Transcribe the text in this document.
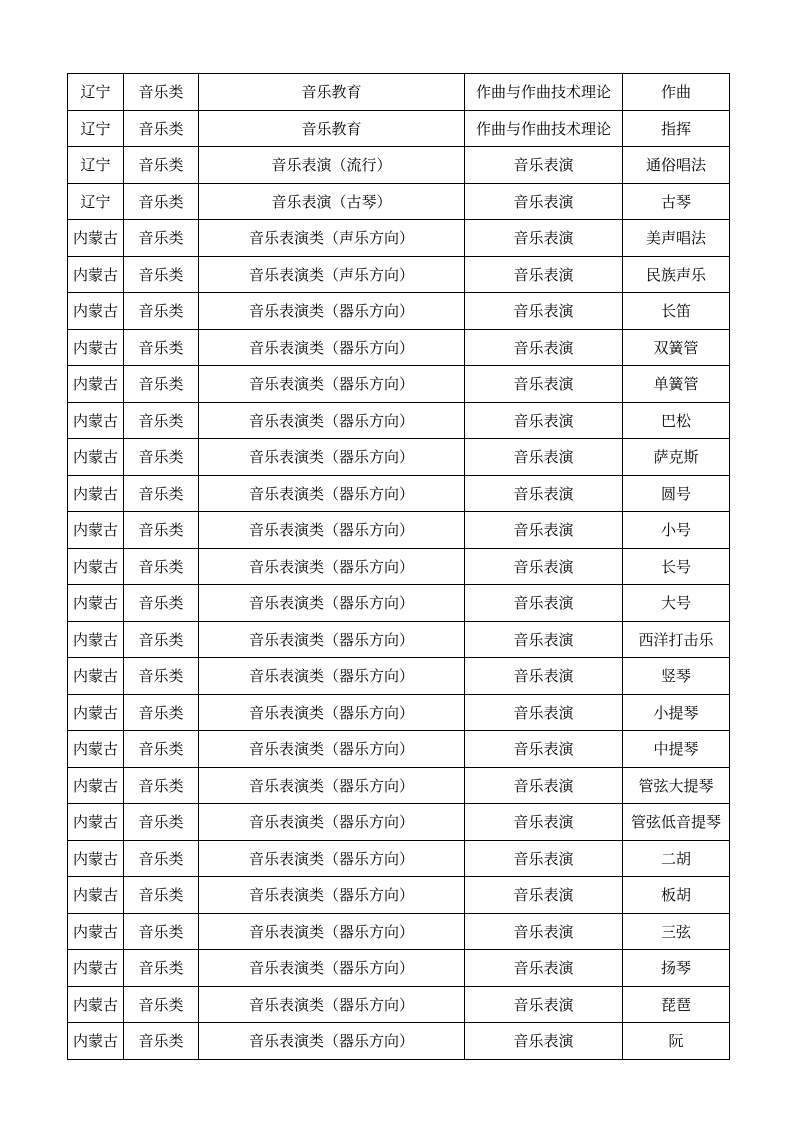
辽宁	音乐类	音乐教育	作曲与作曲技术理论	作曲
辽宁	音乐类	音乐教育	作曲与作曲技术理论	指挥
辽宁	音乐类	音乐表演（流行）	音乐表演	通俗唱法
辽宁	音乐类	音乐表演（古琴）	音乐表演	古琴
内蒙古	音乐类	音乐表演类（声乐方向）	音乐表演	美声唱法
内蒙古	音乐类	音乐表演类（声乐方向）	音乐表演	民族声乐
内蒙古	音乐类	音乐表演类（器乐方向）	音乐表演	长笛
内蒙古	音乐类	音乐表演类（器乐方向）	音乐表演	双簧管
内蒙古	音乐类	音乐表演类（器乐方向）	音乐表演	单簧管
内蒙古	音乐类	音乐表演类（器乐方向）	音乐表演	巴松
内蒙古	音乐类	音乐表演类（器乐方向）	音乐表演	萨克斯
内蒙古	音乐类	音乐表演类（器乐方向）	音乐表演	圆号
内蒙古	音乐类	音乐表演类（器乐方向）	音乐表演	小号
内蒙古	音乐类	音乐表演类（器乐方向）	音乐表演	长号
内蒙古	音乐类	音乐表演类（器乐方向）	音乐表演	大号
内蒙古	音乐类	音乐表演类（器乐方向）	音乐表演	西洋打击乐
内蒙古	音乐类	音乐表演类（器乐方向）	音乐表演	竖琴
内蒙古	音乐类	音乐表演类（器乐方向）	音乐表演	小提琴
内蒙古	音乐类	音乐表演类（器乐方向）	音乐表演	中提琴
内蒙古	音乐类	音乐表演类（器乐方向）	音乐表演	管弦大提琴
内蒙古	音乐类	音乐表演类（器乐方向）	音乐表演	管弦低音提琴
内蒙古	音乐类	音乐表演类（器乐方向）	音乐表演	二胡
内蒙古	音乐类	音乐表演类（器乐方向）	音乐表演	板胡
内蒙古	音乐类	音乐表演类（器乐方向）	音乐表演	三弦
内蒙古	音乐类	音乐表演类（器乐方向）	音乐表演	扬琴
内蒙古	音乐类	音乐表演类（器乐方向）	音乐表演	琵琶
内蒙古	音乐类	音乐表演类（器乐方向）	音乐表演	阮
